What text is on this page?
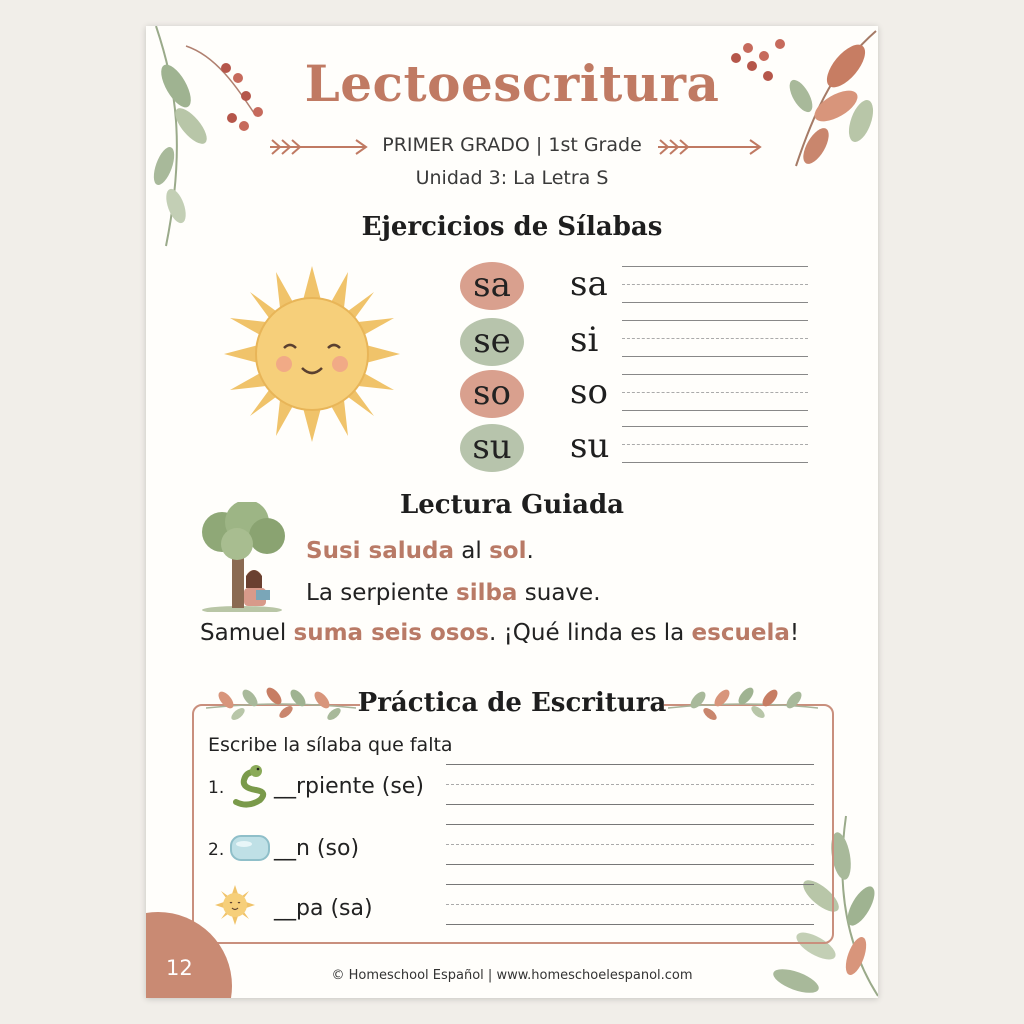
Lectoescritura
PRIMER GRADO | 1st Grade
Unidad 3: La Letra S
Ejercicios de Sílabas
sa
se
so
su
sa
si
so
su
Lectura Guiada
Susi saluda al sol.
La serpiente silba suave.
Samuel suma seis osos. ¡Qué linda es la escuela!
Práctica de Escritura
Escribe la sílaba que falta
1. __rpiente (se)
2. __n (so)
__pa (sa)
12	© Homeschool Español | www.homeschoelespanol.com
